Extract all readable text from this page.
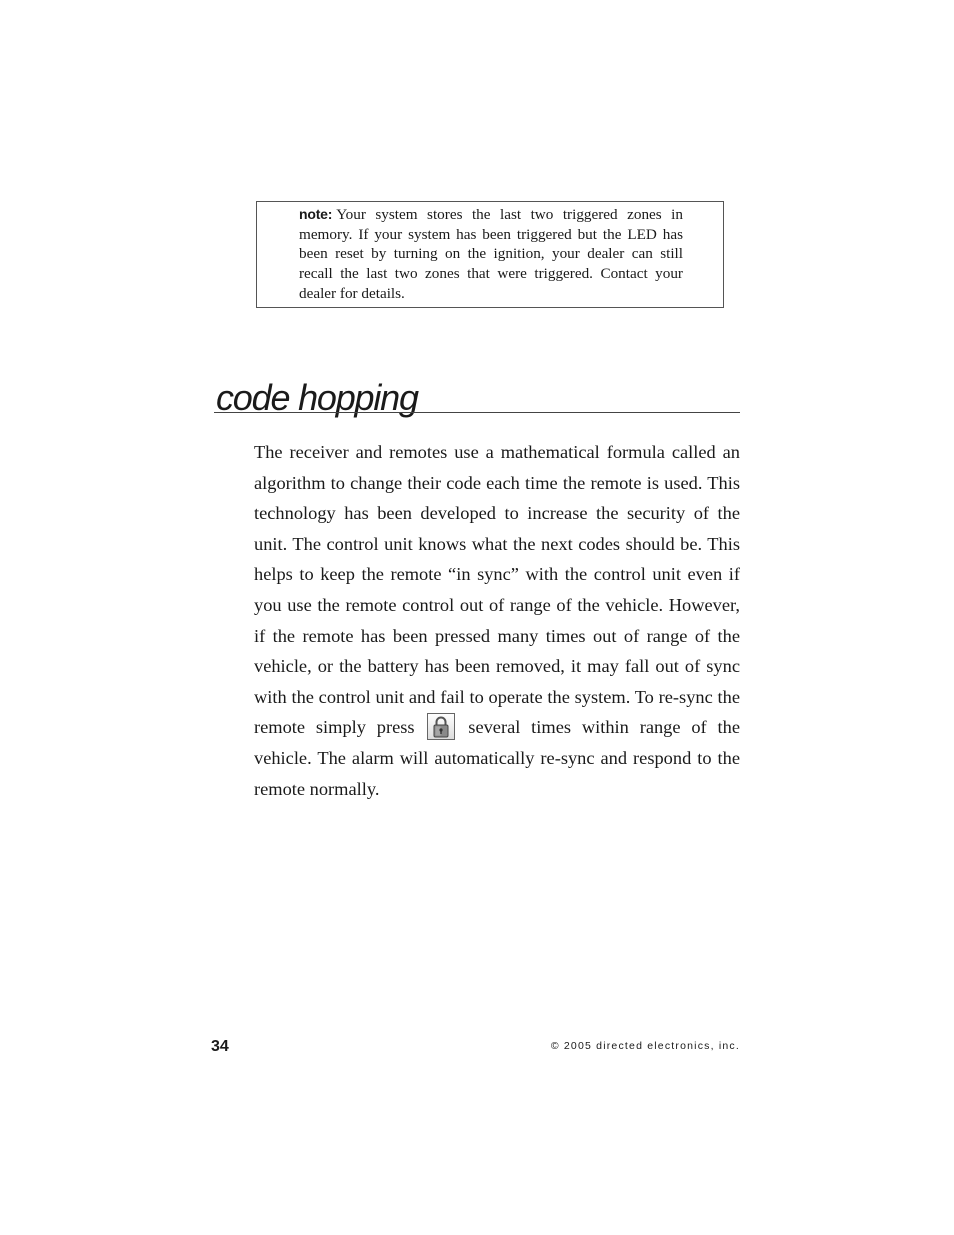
note: Your system stores the last two triggered zones in memory. If your system has been triggered but the LED has been reset by turning on the ignition, your dealer can still recall the last two zones that were triggered. Contact your dealer for details.
code hopping
The receiver and remotes use a mathematical formula called an algorithm to change their code each time the remote is used. This technology has been developed to increase the security of the unit. The control unit knows what the next codes should be. This helps to keep the remote “in sync” with the control unit even if you use the remote control out of range of the vehicle. However, if the remote has been pressed many times out of range of the vehicle, or the battery has been removed, it may fall out of sync with the control unit and fail to operate the system. To re-sync the remote simply press	several times within range of the vehicle. The alarm will automatically re-sync and respond to the remote normally.
34	© 2005 directed electronics, inc.
